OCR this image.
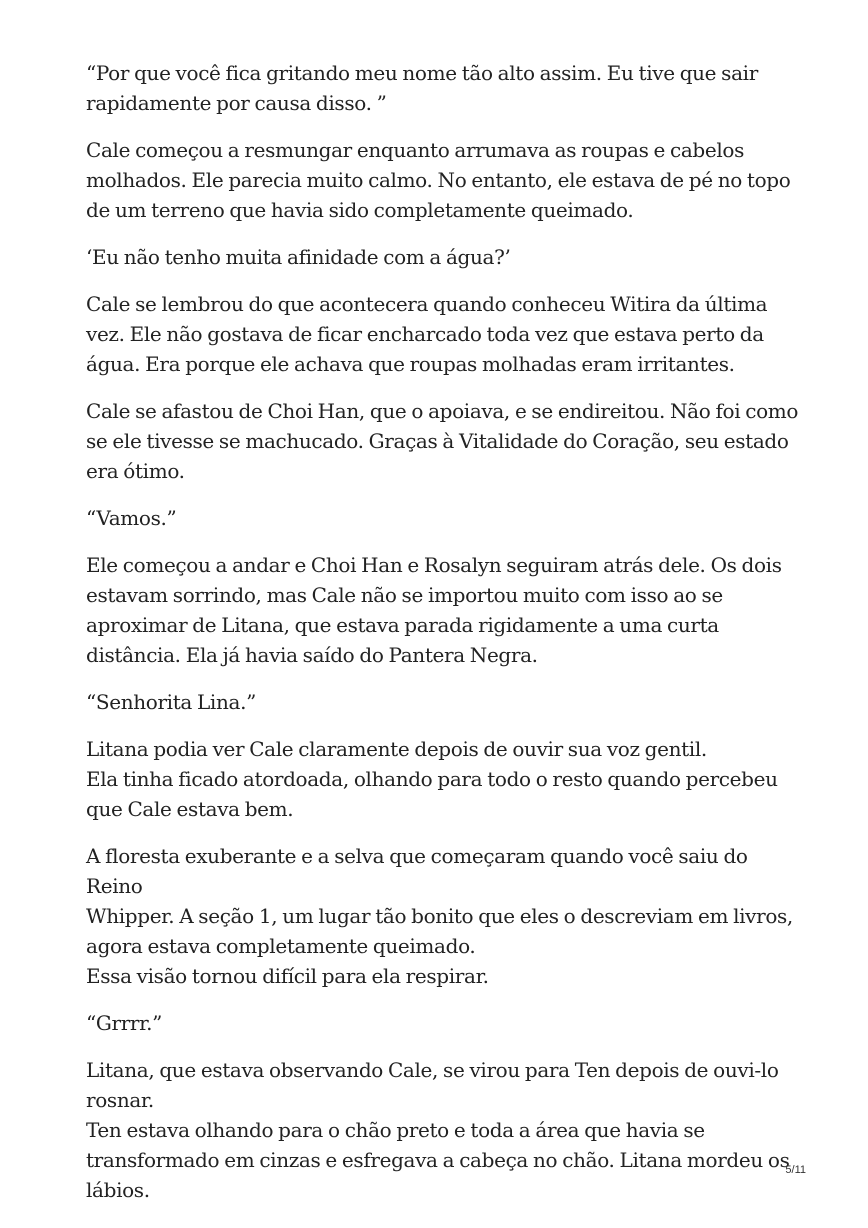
“Por que você fica gritando meu nome tão alto assim. Eu tive que sair
rapidamente por causa disso. ”

Cale começou a resmungar enquanto arrumava as roupas e cabelos
molhados. Ele parecia muito calmo. No entanto, ele estava de pé no topo
de um terreno que havia sido completamente queimado.

‘Eu não tenho muita afinidade com a água?’

Cale se lembrou do que acontecera quando conheceu Witira da última
vez. Ele não gostava de ficar encharcado toda vez que estava perto da
água. Era porque ele achava que roupas molhadas eram irritantes.

Cale se afastou de Choi Han, que o apoiava, e se endireitou. Não foi como
se ele tivesse se machucado. Graças à Vitalidade do Coração, seu estado
era ótimo.

“Vamos.”

Ele começou a andar e Choi Han e Rosalyn seguiram atrás dele. Os dois
estavam sorrindo, mas Cale não se importou muito com isso ao se
aproximar de Litana, que estava parada rigidamente a uma curta
distância. Ela já havia saído do Pantera Negra.

“Senhorita Lina.”

Litana podia ver Cale claramente depois de ouvir sua voz gentil.
Ela tinha ficado atordoada, olhando para todo o resto quando percebeu
que Cale estava bem.

A floresta exuberante e a selva que começaram quando você saiu do Reino
Whipper. A seção 1, um lugar tão bonito que eles o descreviam em livros,
agora estava completamente queimado.
Essa visão tornou difícil para ela respirar.

“Grrrr.”

Litana, que estava observando Cale, se virou para Ten depois de ouvi-lo
rosnar.
Ten estava olhando para o chão preto e toda a área que havia se
transformado em cinzas e esfregava a cabeça no chão. Litana mordeu os
lábios.

5/11
